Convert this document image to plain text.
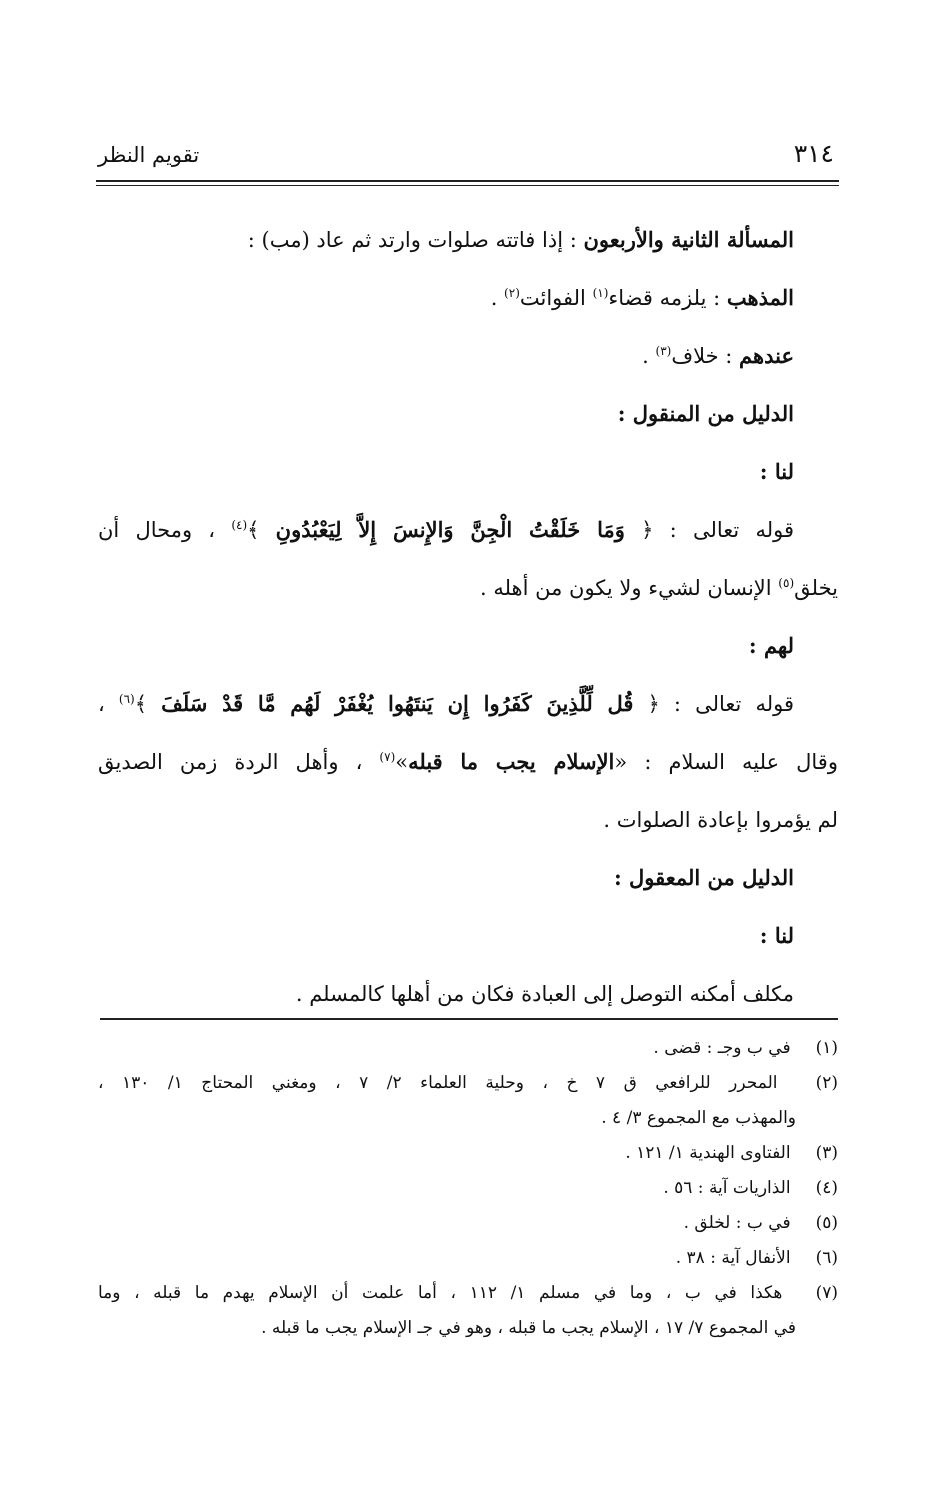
تقويم النظر	٣١٤
المسألة الثانية والأربعون : إذا فاتته صلوات وارتد ثم عاد (مب) :
المذهب : يلزمه قضاء$^{(١)}$ الفوائت$^{(٢)}$ .
عندهم : خلاف$^{(٣)}$ .
الدليل من المنقول :
لنا :
قوله تعالى : ﴿ وَمَا خَلَقْتُ الْجِنَّ وَالإِنسَ إِلاَّ لِيَعْبُدُونِ ﴾$^{(٤)}$ ، ومحال أن
يخلق$^{(٥)}$ الإنسان لشيء ولا يكون من أهله .
لهم :
قوله تعالى : ﴿ قُل لِّلَّذِينَ كَفَرُوا إِن يَنتَهُوا يُغْفَرْ لَهُم مَّا قَدْ سَلَفَ ﴾$^{(٦)}$ ،
وقال عليه السلام : «الإسلام يجب ما قبله»$^{(٧)}$ ، وأهل الردة زمن الصديق
لم يؤمروا بإعادة الصلوات .
الدليل من المعقول :
لنا :
مكلف أمكنه التوصل إلى العبادة فكان من أهلها كالمسلم .
(١) في ب وجـ : قضى .
(٢) المحرر للرافعي ق ٧ خ ، وحلية العلماء ٢/ ٧ ، ومغني المحتاج ١/ ١٣٠ ،
والمهذب مع المجموع ٣/ ٤ .
(٣) الفتاوى الهندية ١/ ١٢١ .
(٤) الذاريات آية : ٥٦ .
(٥) في ب : لخلق .
(٦) الأنفال آية : ٣٨ .
(٧) هكذا في ب ، وما في مسلم ١/ ١١٢ ، أما علمت أن الإسلام يهدم ما قبله ، وما
في المجموع ٧/ ١٧ ، الإسلام يجب ما قبله ، وهو في جـ الإسلام يجب ما قبله .
